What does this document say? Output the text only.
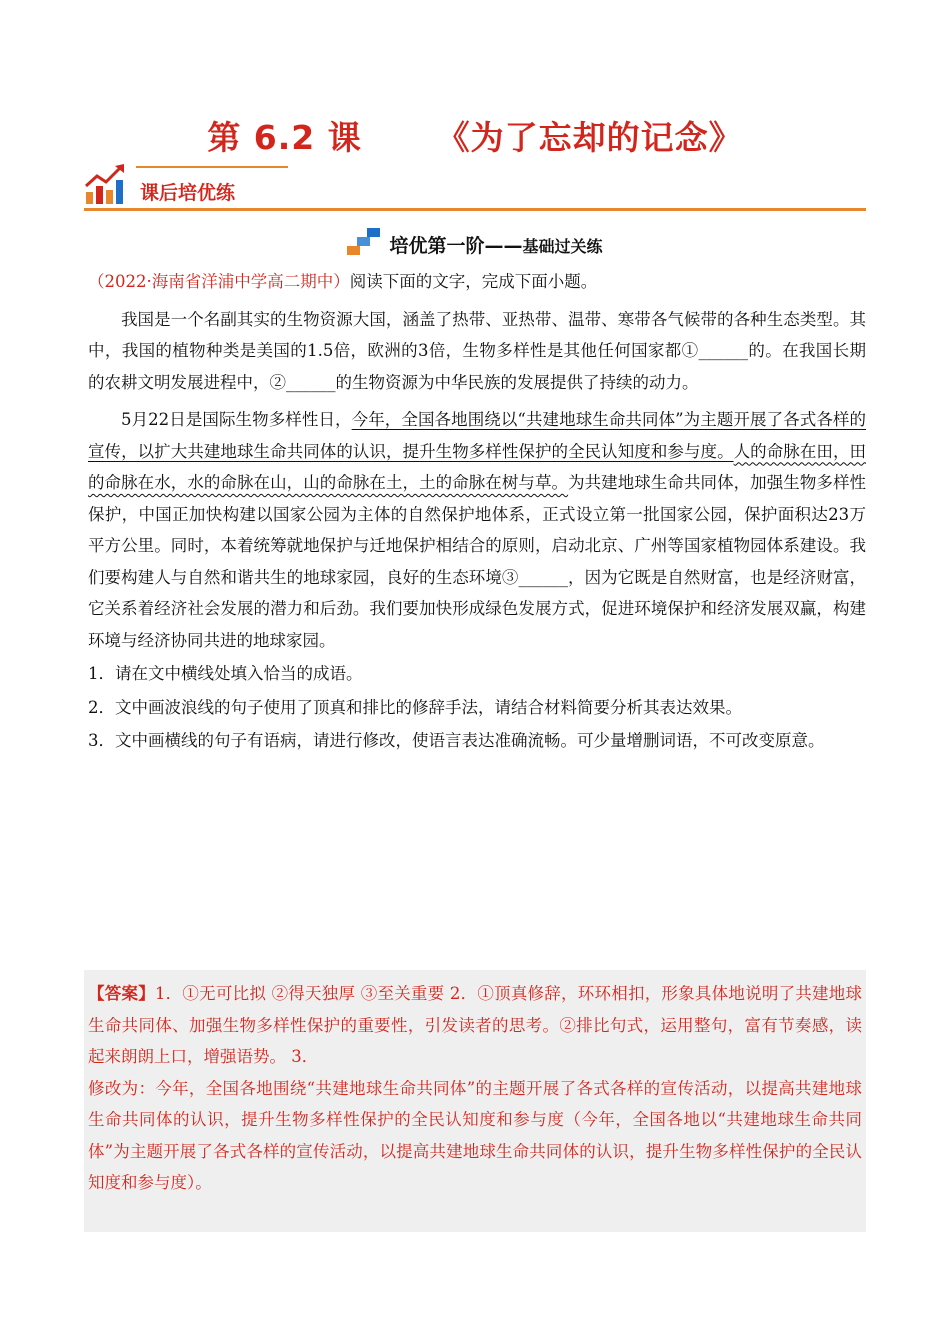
第 6.2 课      《为了忘却的记念》
课后培优练
培优第一阶——基础过关练

（2022·海南省洋浦中学高二期中）阅读下面的文字，完成下面小题。

我国是一个名副其实的生物资源大国，涵盖了热带、亚热带、温带、寒带各气候带的各种生态类型。其中，我国的植物种类是美国的1.5倍，欧洲的3倍，生物多样性是其他任何国家都①______的。在我国长期的农耕文明发展进程中，②______的生物资源为中华民族的发展提供了持续的动力。

5月22日是国际生物多样性日，今年，全国各地围绕以“共建地球生命共同体”为主题开展了各式各样的宣传，以扩大共建地球生命共同体的认识，提升生物多样性保护的全民认知度和参与度。人的命脉在田，田的命脉在水，水的命脉在山，山的命脉在土，土的命脉在树与草。为共建地球生命共同体，加强生物多样性保护，中国正加快构建以国家公园为主体的自然保护地体系，正式设立第一批国家公园，保护面积达23万平方公里。同时，本着统筹就地保护与迁地保护相结合的原则，启动北京、广州等国家植物园体系建设。我们要构建人与自然和谐共生的地球家园，良好的生态环境③______，因为它既是自然财富，也是经济财富，它关系着经济社会发展的潜力和后劲。我们要加快形成绿色发展方式，促进环境保护和经济发展双赢，构建环境与经济协同共进的地球家园。

1．请在文中横线处填入恰当的成语。

2．文中画波浪线的句子使用了顶真和排比的修辞手法，请结合材料简要分析其表达效果。

3．文中画横线的句子有语病，请进行修改，使语言表达准确流畅。可少量增删词语，不可改变原意。

【答案】1．①无可比拟 ②得天独厚 ③至关重要 2．①顶真修辞，环环相扣，形象具体地说明了共建地球生命共同体、加强生物多样性保护的重要性，引发读者的思考。②排比句式，运用整句，富有节奏感，读起来朗朗上口，增强语势。 3．

修改为：今年，全国各地围绕“共建地球生命共同体”的主题开展了各式各样的宣传活动，以提高共建地球生命共同体的认识，提升生物多样性保护的全民认知度和参与度（今年，全国各地以“共建地球生命共同体”为主题开展了各式各样的宣传活动，以提高共建地球生命共同体的认识，提升生物多样性保护的全民认知度和参与度）。
